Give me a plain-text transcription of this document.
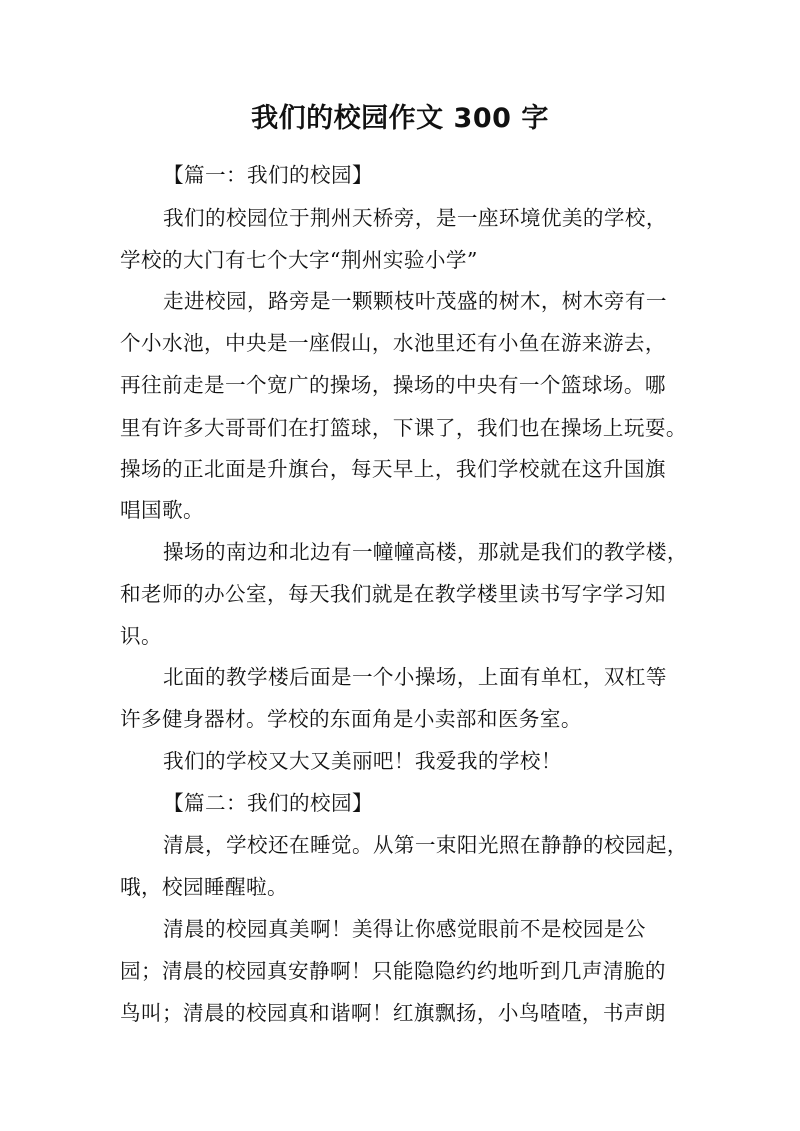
我们的校园作文 300 字
【篇一：我们的校园】
我们的校园位于荆州天桥旁，是一座环境优美的学校，
学校的大门有七个大字“荆州实验小学”
走进校园，路旁是一颗颗枝叶茂盛的树木，树木旁有一
个小水池，中央是一座假山，水池里还有小鱼在游来游去，
再往前走是一个宽广的操场，操场的中央有一个篮球场。哪
里有许多大哥哥们在打篮球，下课了，我们也在操场上玩耍。
操场的正北面是升旗台，每天早上，我们学校就在这升国旗
唱国歌。
操场的南边和北边有一幢幢高楼，那就是我们的教学楼，
和老师的办公室，每天我们就是在教学楼里读书写字学习知
识。
北面的教学楼后面是一个小操场，上面有单杠，双杠等
许多健身器材。学校的东面角是小卖部和医务室。
我们的学校又大又美丽吧！我爱我的学校！
【篇二：我们的校园】
清晨，学校还在睡觉。从第一束阳光照在静静的校园起，
哦，校园睡醒啦。
清晨的校园真美啊！美得让你感觉眼前不是校园是公
园；清晨的校园真安静啊！只能隐隐约约地听到几声清脆的
鸟叫；清晨的校园真和谐啊！红旗飘扬，小鸟喳喳，书声朗
